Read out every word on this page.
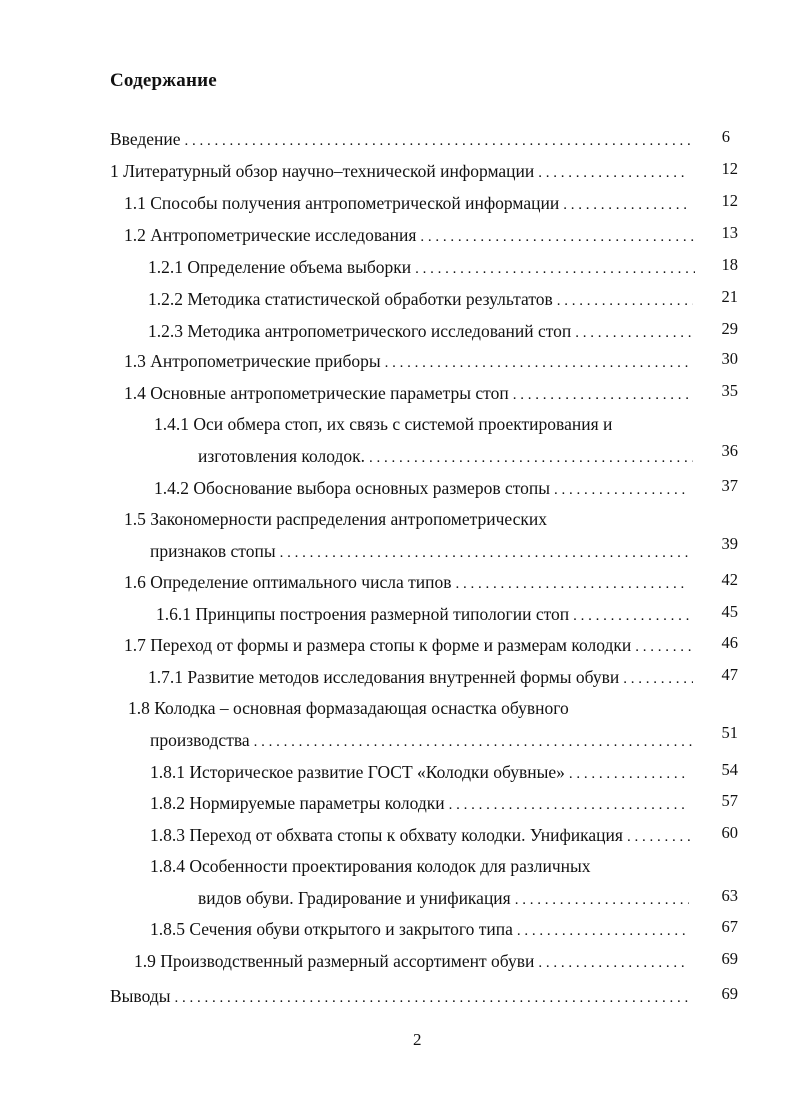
Содержание
Введение . . .	6
1 Литературный обзор научно–технической информации . . .	12
1.1 Способы получения антропометрической информации . . .	12
1.2 Антропометрические исследования . . .	13
1.2.1 Определение объема выборки . . .	18
1.2.2 Методика статистической обработки результатов . . .	21
1.2.3 Методика антропометрического исследований стоп . . .	29
1.3 Антропометрические приборы . . .	30
1.4 Основные антропометрические параметры стоп . . .	35
1.4.1 Оси обмера стоп, их связь с системой проектирования и
изготовления колодок. . . .	36
1.4.2 Обоснование выбора основных размеров стопы . . .	37
1.5 Закономерности распределения антропометрических
признаков стопы . . .	39
1.6 Определение оптимального числа типов . . .	42
1.6.1 Принципы построения размерной типологии стоп . . .	45
1.7 Переход от формы и размера стопы к форме и размерам колодки . . .	46
1.7.1 Развитие методов исследования внутренней формы обуви . . .	47
1.8 Колодка – основная формазадающая оснастка обувного
производства . . .	51
1.8.1 Историческое развитие ГОСТ «Колодки обувные» . . .	54
1.8.2 Нормируемые параметры колодки . . .	57
1.8.3 Переход от обхвата стопы к обхвату колодки. Унификация . . .	60
1.8.4 Особенности проектирования колодок для различных
видов обуви. Градирование и унификация . . .	63
1.8.5 Сечения обуви открытого и закрытого типа . . .	67
1.9 Производственный размерный ассортимент обуви . . .	69
Выводы . . .	69
2
